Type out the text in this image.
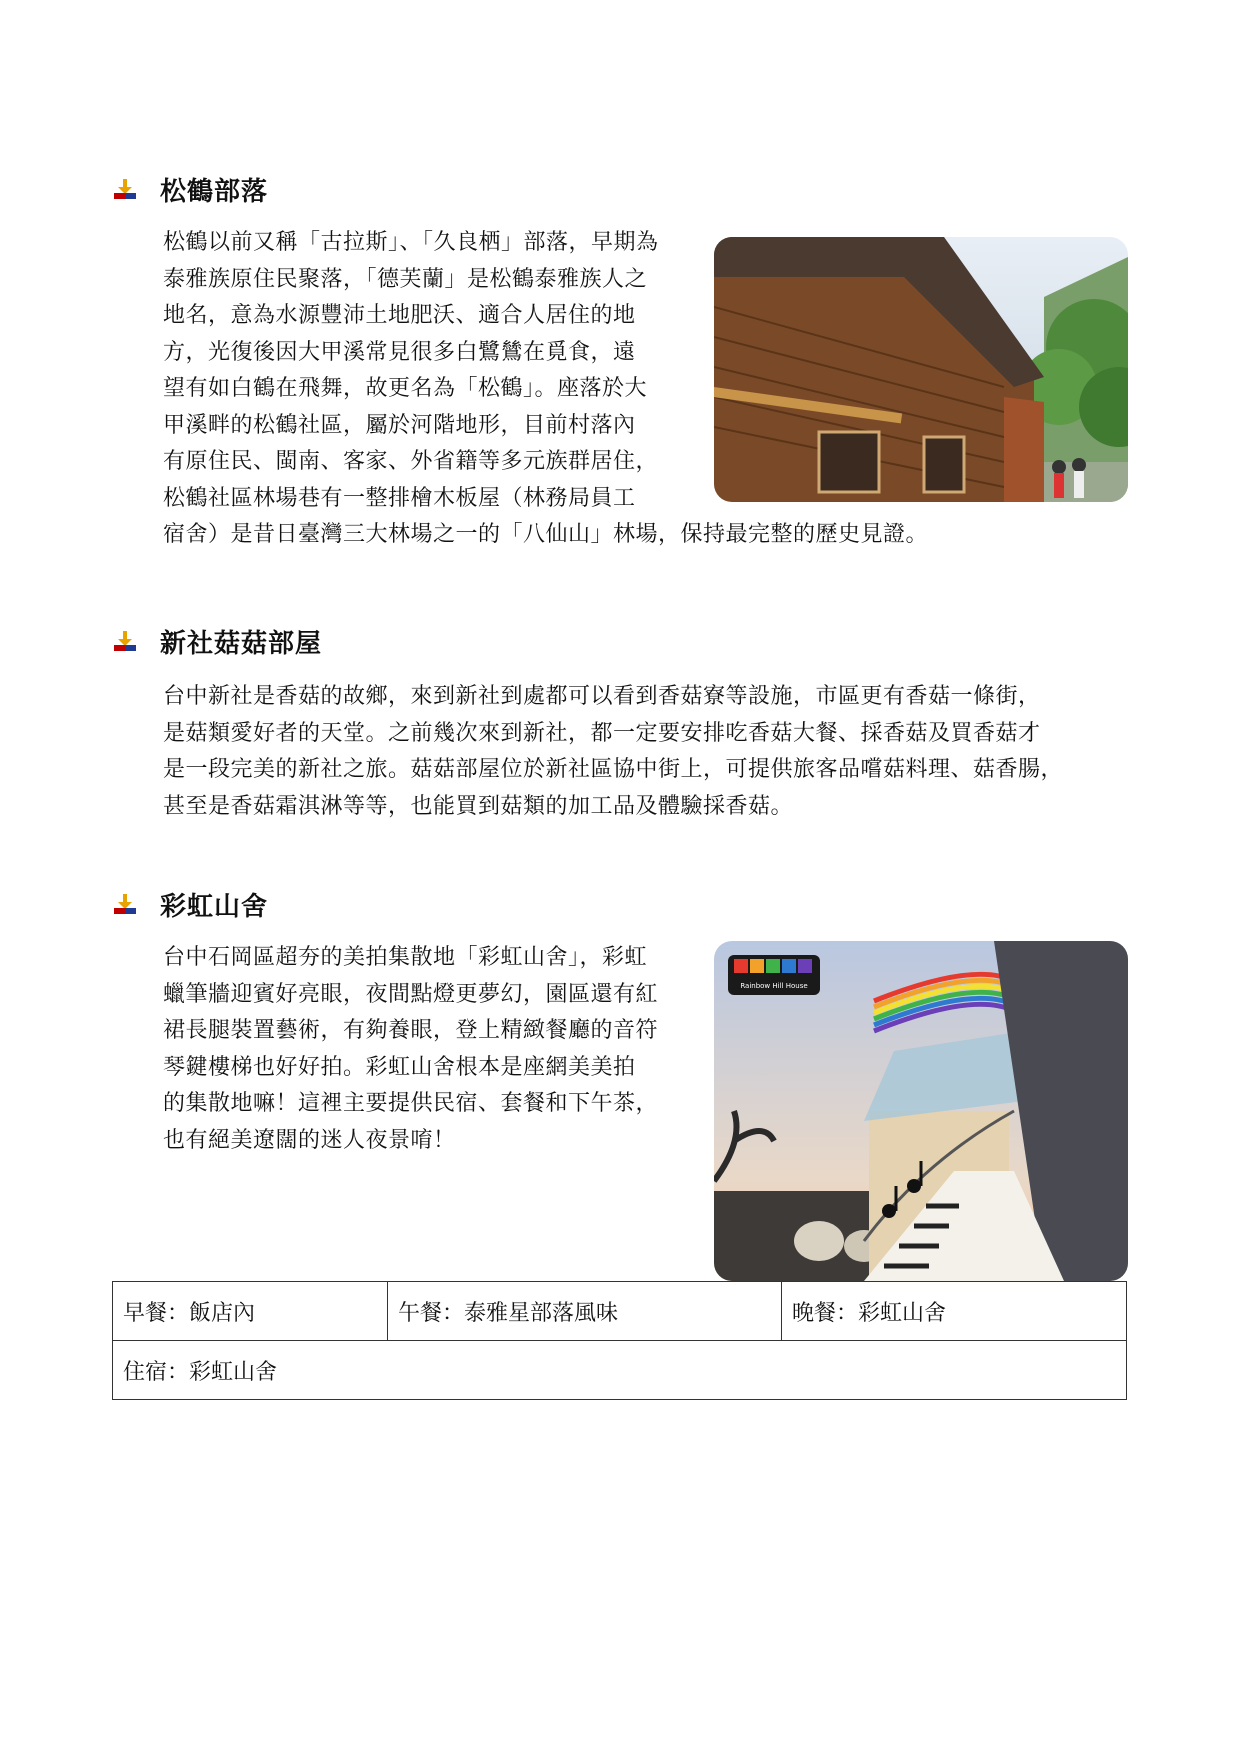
松鶴部落

松鶴以前又稱「古拉斯」、「久良栖」部落，早期為

泰雅族原住民聚落，「德芙蘭」是松鶴泰雅族人之

地名，意為水源豐沛土地肥沃、適合人居住的地

方，光復後因大甲溪常見很多白鷺鷥在覓食，遠

望有如白鶴在飛舞，故更名為「松鶴」。座落於大

甲溪畔的松鶴社區，屬於河階地形，目前村落內

有原住民、閩南、客家、外省籍等多元族群居住，

松鶴社區林場巷有一整排檜木板屋（林務局員工

宿舍）是昔日臺灣三大林場之一的「八仙山」林場，保持最完整的歷史見證。

新社菇菇部屋

台中新社是香菇的故鄉，來到新社到處都可以看到香菇寮等設施，市區更有香菇一條街，

是菇類愛好者的天堂。之前幾次來到新社，都一定要安排吃香菇大餐、採香菇及買香菇才

是一段完美的新社之旅。菇菇部屋位於新社區協中街上，可提供旅客品嚐菇料理、菇香腸，

甚至是香菇霜淇淋等等，也能買到菇類的加工品及體驗採香菇。

彩虹山舍

台中石岡區超夯的美拍集散地「彩虹山舍」，彩虹

蠟筆牆迎賓好亮眼，夜間點燈更夢幻，園區還有紅

裙長腿裝置藝術，有夠養眼，登上精緻餐廳的音符

琴鍵樓梯也好好拍。彩虹山舍根本是座網美美拍

的集散地嘛！這裡主要提供民宿、套餐和下午茶，

也有絕美遼闊的迷人夜景唷！

Rainbow Hill House
早餐：飯店內	午餐：泰雅星部落風味	晚餐：彩虹山舍
住宿：彩虹山舍
